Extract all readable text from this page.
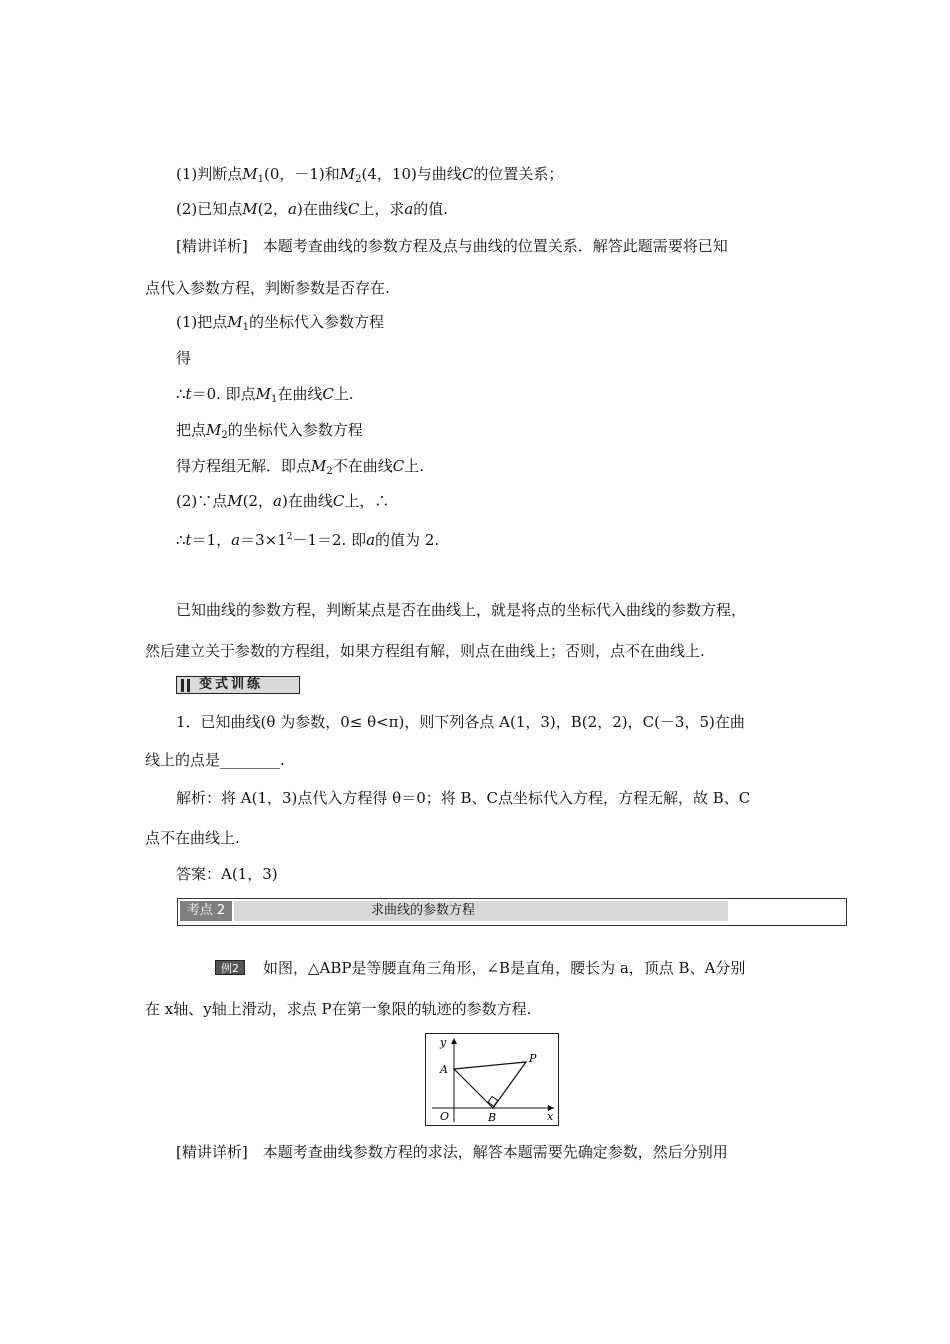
(1)判断点$M_1(0$，－1)和$M_2(4$，10)与曲线C的位置关系；
(2)已知点M(2，a)在曲线C上，求a的值.
[精讲详析]　本题考查曲线的参数方程及点与曲线的位置关系．解答此题需要将已知
点代入参数方程，判断参数是否存在.
(1)把点$M_1$的坐标代入参数方程
得
∴t＝0. 即点$M_1$在曲线C上.
把点$M_2$的坐标代入参数方程
得方程组无解．即点$M_2$不在曲线C上.
(2)∵点M(2，a)在曲线C上，∴
∴t＝1，$a=3\times 1^2-1=2$. 即a的值为 2.
已知曲线的参数方程，判断某点是否在曲线上，就是将点的坐标代入曲线的参数方程，
然后建立关于参数的方程组，如果方程组有解，则点在曲线上；否则，点不在曲线上.
变式训练
1．已知曲线(θ 为参数，0≤ θ<π)，则下列各点 A(1，3)，B(2，2)，C(－3，5)在曲
线上的点是________.
解析：将 A(1，3)点代入方程得 θ＝0；将 B、C点坐标代入方程，方程无解，故 B、C
点不在曲线上.
答案：A(1，3)
考点 2	求曲线的参数方程
例2 如图，△ABP是等腰直角三角形，∠B是直角，腰长为 a，顶点 B、A分别
在 x轴、y轴上滑动，求点 P在第一象限的轨迹的参数方程.
y
x
O
A
B
P
[精讲详析]　本题考查曲线参数方程的求法，解答本题需要先确定参数，然后分别用
